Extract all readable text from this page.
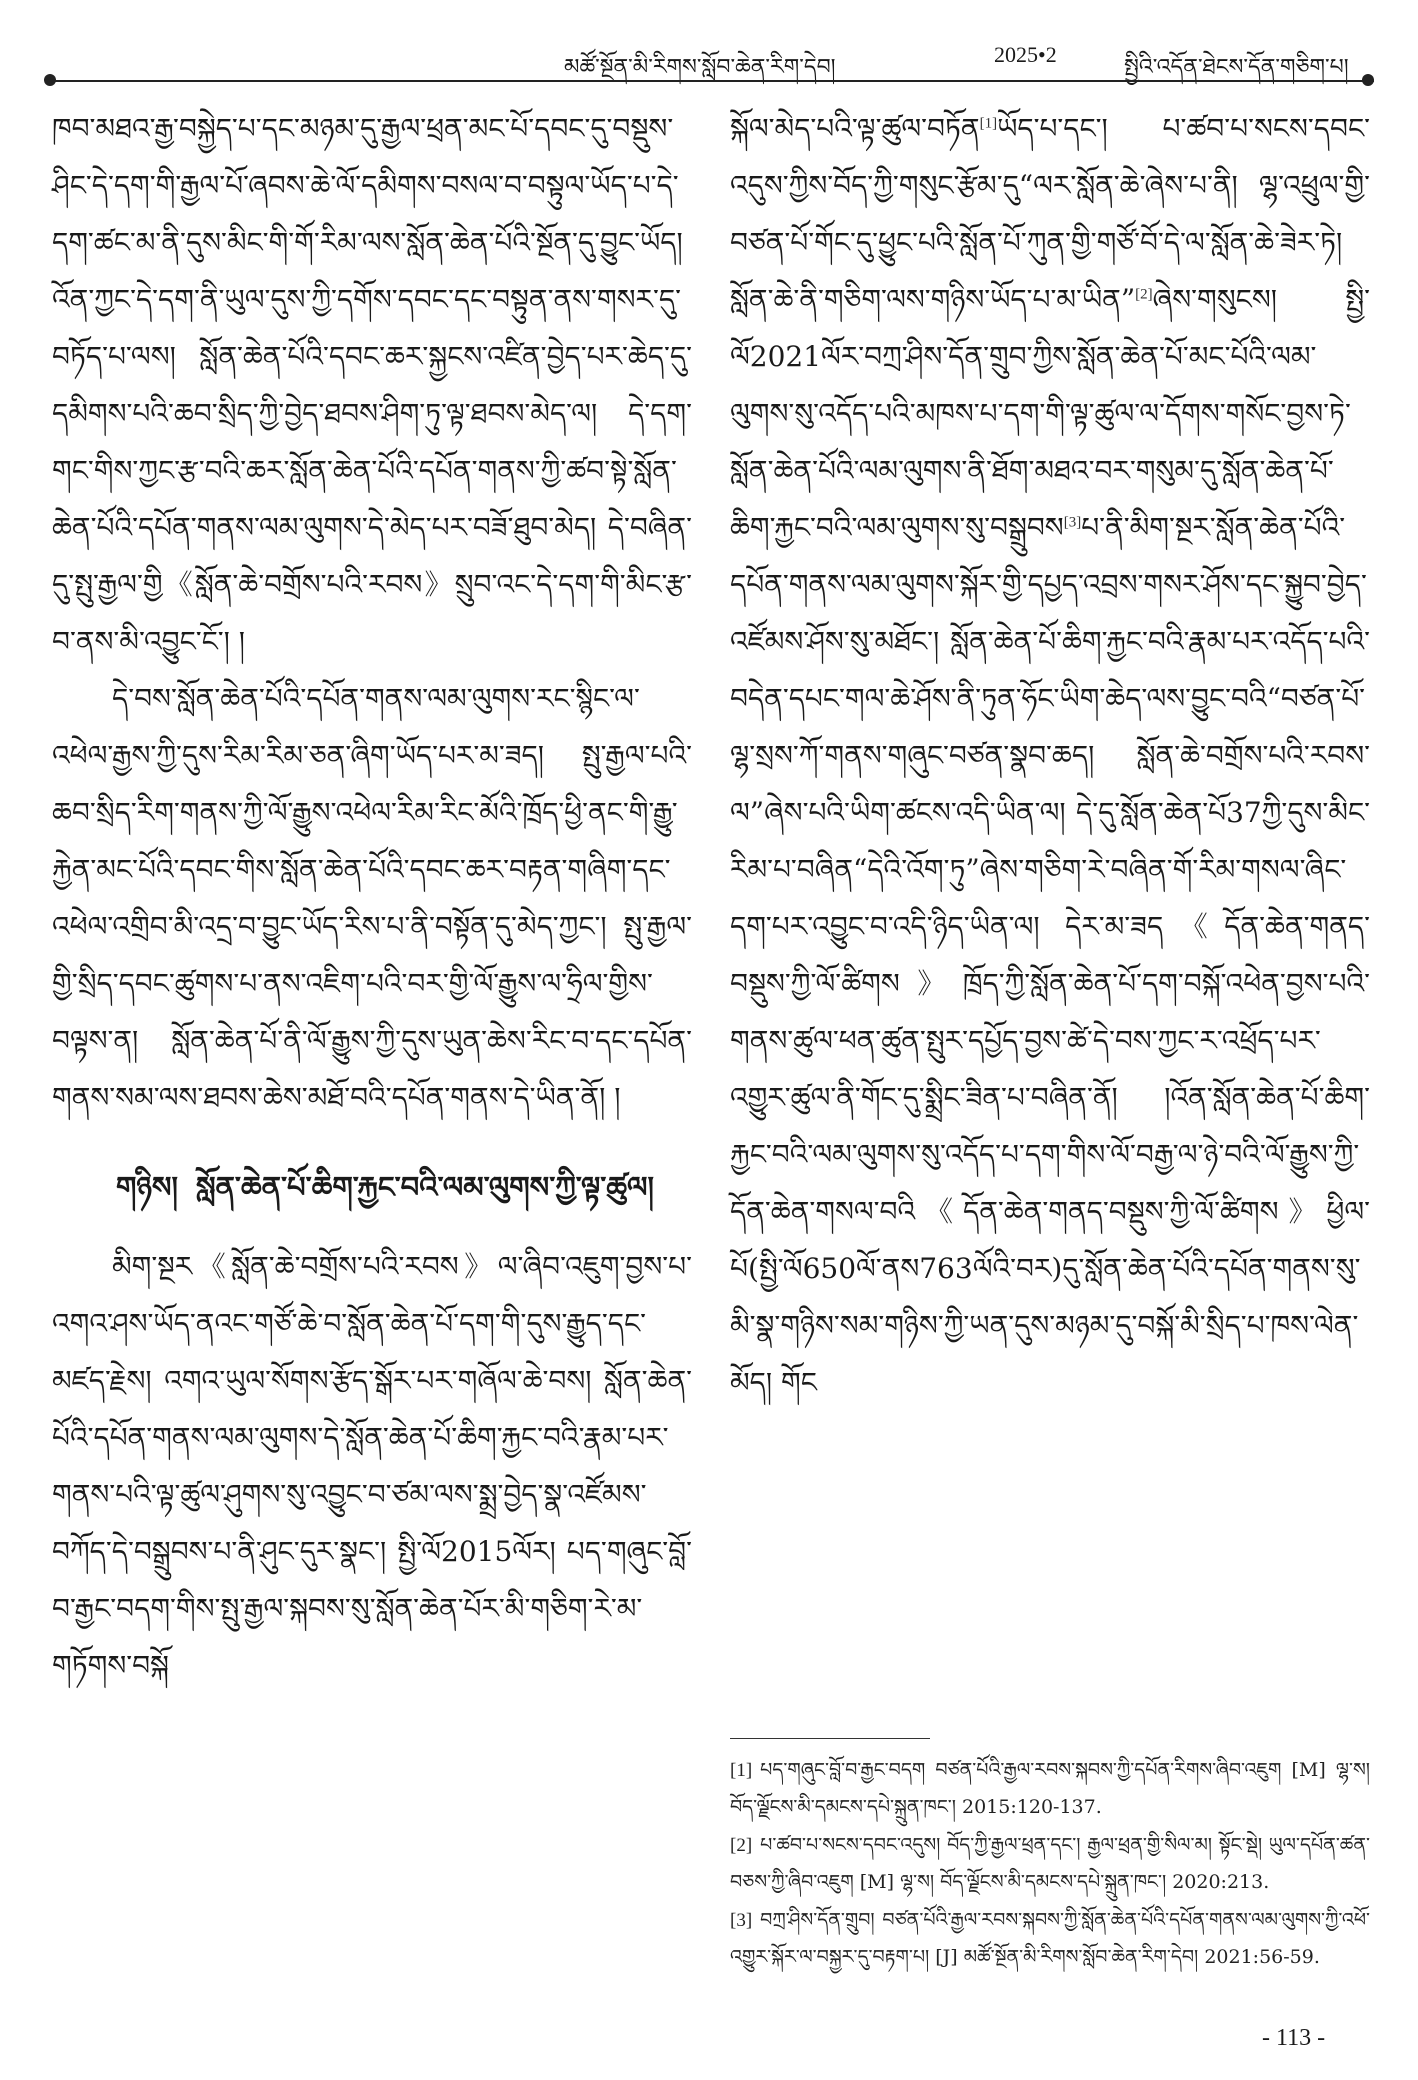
མཚོ་སྔོན་མི་རིགས་སློབ་ཆེན་རིག་དེབ།
2025•2
སྤྱིའི་འདོན་ཐེངས་དོན་གཅིག་པ།

ཁབ་མཐའ་རྒྱ་བསྐྱེད་པ་དང་མཉམ་དུ་རྒྱལ་ཕྲན་མང་པོ་དབང་དུ་བསྡུས་ཤིང་དེ་དག་གི་རྒྱལ་པོ་ཞབས་ཆེ་ལོ་དམིགས་བསལ་བ་བསྟུལ་ཡོད་པ་དེ་དག་ཚང་མ་ནི་དུས་མིང་གི་གོ་རིམ་ལས་སློན་ཆེན་པོའི་སྔོན་དུ་བྱུང་ཡོད། འོན་ཀྱང་དེ་དག་ནི་ཡུལ་དུས་ཀྱི་དགོས་དབང་དང་བསྟུན་ནས་གསར་དུ་བཏོད་པ་ལས། སློན་ཆེན་པོའི་དབང་ཆར་སྐྱངས་འཛིན་བྱེད་པར་ཆེད་དུ་དམིགས་པའི་ཆབ་སྲིད་ཀྱི་བྱེད་ཐབས་ཤིག་ཏུ་ལྟ་ཐབས་མེད་ལ། དེ་དག་གང་གིས་ཀྱང་རྩ་བའི་ཆར་སློན་ཆེན་པོའི་དཔོན་གནས་ཀྱི་ཚབ་སྟེ་སློན་ཆེན་པོའི་དཔོན་གནས་ལམ་ལུགས་དེ་མེད་པར་བཟོ་ཐུབ་མེད། དེ་བཞིན་དུ་སྤུ་རྒྱལ་གྱི《སློན་ཆེ་བགྲོས་པའི་རབས》སྲུབ་འང་དེ་དག་གི་མིང་རྩ་བ་ནས་མི་འབྱུང་ངོ་། །

དེ་བས་སློན་ཆེན་པོའི་དཔོན་གནས་ལམ་ལུགས་རང་སྙིང་ལ་འཕེལ་རྒྱས་ཀྱི་དུས་རིམ་རིམ་ཅན་ཞིག་ཡོད་པར་མ་ཟད། སྤུ་རྒྱལ་པའི་ཆབ་སྲིད་རིག་གནས་ཀྱི་ལོ་རྒྱུས་འཕེལ་རིམ་རིང་མོའི་ཁྲོད་ཕྱི་ནང་གི་རྒྱུ་རྐྱེན་མང་པོའི་དབང་གིས་སློན་ཆེན་པོའི་དབང་ཆར་བརྟན་གཞིག་དང་འཕེལ་འགྲིབ་མི་འདྲ་བ་བྱུང་ཡོད་རིས་པ་ནི་བསྟོན་དུ་མེད་ཀྱང་། སྤུ་རྒྱལ་གྱི་སྲིད་དབང་ཚུགས་པ་ནས་འཇིག་པའི་བར་གྱི་ལོ་རྒྱུས་ལ་ཧྲིལ་གྱིས་བལྟས་ན། སློན་ཆེན་པོ་ནི་ལོ་རྒྱུས་ཀྱི་དུས་ཡུན་ཆེས་རིང་བ་དང་དཔོན་གནས་སམ་ལས་ཐབས་ཆེས་མཐོ་བའི་དཔོན་གནས་དེ་ཡིན་ནོ། །

གཉིས། སློན་ཆེན་པོ་ཆིག་རྐྱང་བའི་ལམ་ལུགས་ཀྱི་ལྟ་ཚུལ།

མིག་སྔར《སློན་ཆེ་བགྲོས་པའི་རབས》ལ་ཞིབ་འཇུག་བྱས་པ་འགའ་ཤས་ཡོད་ནའང་གཙོ་ཆེ་བ་སློན་ཆེན་པོ་དག་གི་དུས་རྒྱུད་དང་མཛད་རྗེས། འགའ་ཡུལ་སོགས་རྩོད་སྒོར་པར་གཞོལ་ཆེ་བས། སློན་ཆེན་པོའི་དཔོན་གནས་ལམ་ལུགས་དེ་སློན་ཆེན་པོ་ཆིག་རྐྱང་བའི་རྣམ་པར་གནས་པའི་ལྟ་ཚུལ་ཤུགས་སུ་འབྱུང་བ་ཙམ་ལས་སྨྲ་བྱེད་སྣ་འཛོམས་བཀོད་དེ་བསྒྲུབས་པ་ནི་ཤུང་དུར་སྣང་། སྤྱི་ལོ2015ལོར། པད་གཞུང་བློ་བ་རྒྱང་བདག་གིས་སྤུ་རྒྱལ་སྐབས་སུ་སློན་ཆེན་པོར་མི་གཅིག་རེ་མ་གཏོགས་བསྐོ

སྐོལ་མེད་པའི་ལྟ་ཚུལ་བཏོན[1]ཡོད་པ་དང་། པ་ཚབ་པ་སངས་དབང་འདུས་ཀྱིས་བོད་ཀྱི་གསུང་རྩོམ་དུ“ལར་སློན་ཆེ་ཞེས་པ་ནི། ལྷ་འཕྲུལ་གྱི་བཙན་པོ་གོང་དུ་ཕྱུང་པའི་སློན་པོ་ཀུན་གྱི་གཙོ་བོ་དེ་ལ་སློན་ཆེ་ཟེར་ཏེ། སློན་ཆེ་ནི་གཅིག་ལས་གཉིས་ཡོད་པ་མ་ཡིན”[2]ཞེས་གསུངས། སྤྱི་ལོ2021ལོར་བཀྲ་ཤིས་དོན་གྲུབ་ཀྱིས་སློན་ཆེན་པོ་མང་པོའི་ལམ་ལུགས་སུ་འདོད་པའི་མཁས་པ་དག་གི་ལྟ་ཚུལ་ལ་དོགས་གསོང་བྱས་ཏེ་སློན་ཆེན་པོའི་ལམ་ལུགས་ནི་ཐོག་མཐའ་བར་གསུམ་དུ་སློན་ཆེན་པོ་ཆིག་རྐྱང་བའི་ལམ་ལུགས་སུ་བསྒྲུབས[3]པ་ནི་མིག་སྔར་སློན་ཆེན་པོའི་དཔོན་གནས་ལམ་ལུགས་སྐོར་གྱི་དཔྱད་འབྲས་གསར་ཤོས་དང་སྐྱུབ་བྱེད་འཛོམས་ཤོས་སུ་མཐོང་། སློན་ཆེན་པོ་ཆིག་རྐྱང་བའི་རྣམ་པར་འདོད་པའི་བདེན་དཔང་གལ་ཆེ་ཤོས་ནི་ཏུན་ཧོང་ཡིག་ཆེད་ལས་བྱུང་བའི“བཙན་པོ་ལྷ་སྲས་ཀོ་གནས་གཞུང་བཙན་སྣབ་ཆད། སློན་ཆེ་བགྲོས་པའི་རབས་ལ”ཞེས་པའི་ཡིག་ཚངས་འདི་ཡིན་ལ། དེ་དུ་སློན་ཆེན་པོ37ཀྱི་དུས་མིང་རིམ་པ་བཞིན“དེའི་འོག་ཏུ”ཞེས་གཅིག་རེ་བཞིན་གོ་རིམ་གསལ་ཞིང་དག་པར་འབྱུང་བ་འདི་ཉིད་ཡིན་ལ། དེར་མ་ཟད《དོན་ཆེན་གནད་བསྡུས་ཀྱི་ལོ་ཚིགས》ཁྲོད་ཀྱི་སློན་ཆེན་པོ་དག་བསྐོ་འཕེན་བྱས་པའི་གནས་ཚུལ་ཕན་ཚུན་སྤུར་དཔྱོད་བྱས་ཚེ་དེ་བས་ཀྱང་ར་འཕྲོད་པར་འགྱུར་ཚུལ་ནི་གོང་དུ་སྨྲིང་ཟིན་པ་བཞིན་ནོ། །འོན་སློན་ཆེན་པོ་ཆིག་རྐྱང་བའི་ལམ་ལུགས་སུ་འདོད་པ་དག་གིས་ལོ་བརྒྱ་ལ་ཉེ་བའི་ལོ་རྒྱུས་ཀྱི་དོན་ཆེན་གསལ་བའི《དོན་ཆེན་གནད་བསྡུས་ཀྱི་ལོ་ཚིགས》ཕྱིལ་པོ(སྤྱི་ལོ650ལོ་ནས763ལོའི་བར)དུ་སློན་ཆེན་པོའི་དཔོན་གནས་སུ་མི་སྣ་གཉིས་སམ་གཉིས་ཀྱི་ཡན་དུས་མཉམ་དུ་བསྐོ་མི་སྲིད་པ་ཁས་ལེན་མོད། གོང

[1] པད་གཞུང་བློ་བ་རྒྱང་བདག བཙན་པོའི་རྒྱལ་རབས་སྐབས་ཀྱི་དཔོན་རིགས་ཞིབ་འཇུག [M] ལྷ་ས། བོད་ལྗོངས་མི་དམངས་དཔེ་སྐྲུན་ཁང་། 2015:120-137.

[2] པ་ཚབ་པ་སངས་དབང་འདུས། བོད་ཀྱི་རྒྱལ་ཕྲན་དང་། རྒྱལ་ཕྲན་གྱི་སིལ་མ། སྟོང་སྡེ། ཡུལ་དཔོན་ཚན་བཅས་ཀྱི་ཞིབ་འཇུག [M] ལྷ་ས། བོད་ལྗོངས་མི་དམངས་དཔེ་སྐྲུན་ཁང་། 2020:213.

[3] བཀྲ་ཤིས་དོན་གྲུབ། བཙན་པོའི་རྒྱལ་རབས་སྐབས་ཀྱི་སློན་ཆེན་པོའི་དཔོན་གནས་ལམ་ལུགས་ཀྱི་འཕོ་འགྱུར་སྐོར་ལ་བསྐྱར་དུ་བརྟག་པ། [J] མཚོ་སྔོན་མི་རིགས་སློབ་ཆེན་རིག་དེབ། 2021:56-59.

- 113 -
